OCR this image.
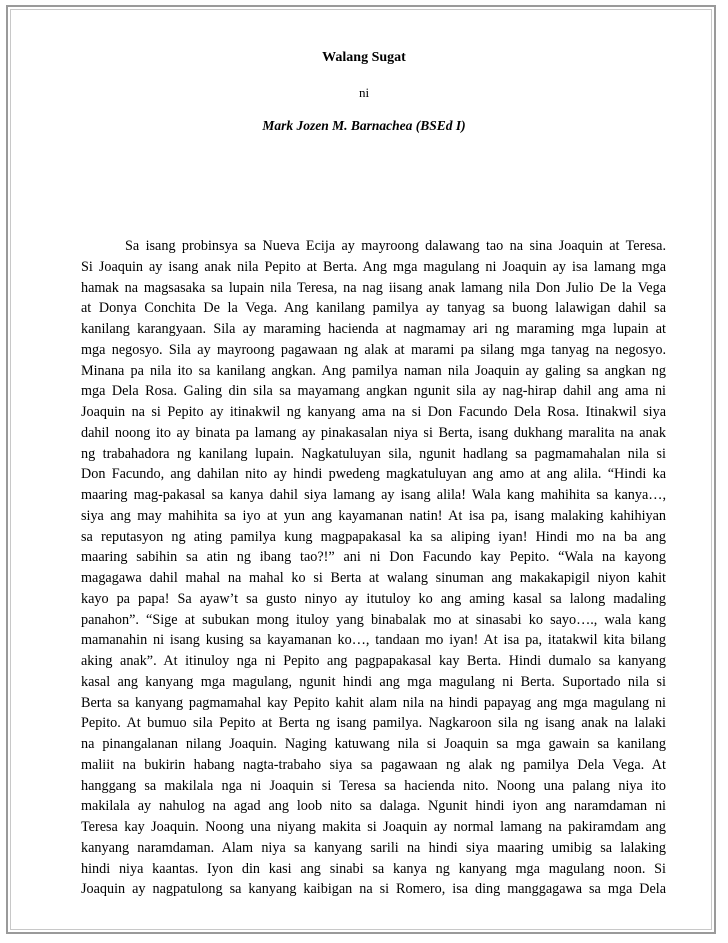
Walang Sugat
ni
Mark Jozen M. Barnachea (BSEd I)
Sa isang probinsya sa Nueva Ecija ay mayroong dalawang tao na sina Joaquin at Teresa.
Si Joaquin ay isang anak nila Pepito at Berta. Ang mga magulang ni Joaquin ay isa lamang mga
hamak na magsasaka sa lupain nila Teresa, na nag iisang anak lamang nila Don Julio De la Vega
at Donya Conchita De la Vega. Ang kanilang pamilya ay tanyag sa buong lalawigan dahil sa
kanilang karangyaan. Sila ay maraming hacienda at nagmamay ari ng maraming mga lupain at
mga negosyo. Sila ay mayroong pagawaan ng alak at marami pa silang mga tanyag na negosyo.
Minana pa nila ito sa kanilang angkan. Ang pamilya naman nila Joaquin ay galing sa angkan ng
mga Dela Rosa. Galing din sila sa mayamang angkan ngunit sila ay nag-hirap dahil ang ama ni
Joaquin na si Pepito ay itinakwil ng kanyang ama na si Don Facundo Dela Rosa. Itinakwil siya
dahil noong ito ay binata pa lamang ay pinakasalan niya si Berta, isang dukhang maralita na anak
ng trabahadora ng kanilang lupain. Nagkatuluyan sila, ngunit hadlang sa pagmamahalan nila si
Don Facundo, ang dahilan nito ay hindi pwedeng magkatuluyan ang amo at ang alila. “Hindi ka
maaring mag-pakasal sa kanya dahil siya lamang ay isang alila! Wala kang mahihita sa kanya…,
siya ang may mahihita sa iyo at yun ang kayamanan natin! At isa pa, isang malaking kahihiyan
sa reputasyon ng ating pamilya kung magpapakasal ka sa aliping iyan! Hindi mo na ba ang
maaring sabihin sa atin ng ibang tao?!” ani ni Don Facundo kay Pepito. “Wala na kayong
magagawa dahil mahal na mahal ko si Berta at walang sinuman ang makakapigil niyon kahit
kayo pa papa! Sa ayaw’t sa gusto ninyo ay itutuloy ko ang aming kasal sa lalong madaling
panahon”. “Sige at subukan mong ituloy yang binabalak mo at sinasabi ko sayo…., wala kang
mamanahin ni isang kusing sa kayamanan ko…, tandaan mo iyan! At isa pa, itatakwil kita bilang
aking anak”. At itinuloy nga ni Pepito ang pagpapakasal kay Berta. Hindi dumalo sa kanyang
kasal ang kanyang mga magulang, ngunit hindi ang mga magulang ni Berta. Suportado nila si
Berta sa kanyang pagmamahal kay Pepito kahit alam nila na hindi papayag ang mga magulang ni
Pepito. At bumuo sila Pepito at Berta ng isang pamilya. Nagkaroon sila ng isang anak na lalaki
na pinangalanan nilang Joaquin. Naging katuwang nila si Joaquin sa mga gawain sa kanilang
maliit na bukirin habang nagta-trabaho siya sa pagawaan ng alak ng pamilya Dela Vega. At
hanggang sa makilala nga ni Joaquin si Teresa sa hacienda nito. Noong una palang niya ito
makilala ay nahulog na agad ang loob nito sa dalaga. Ngunit hindi iyon ang naramdaman ni
Teresa kay Joaquin. Noong una niyang makita si Joaquin ay normal lamang na pakiramdam ang
kanyang naramdaman. Alam niya sa kanyang sarili na hindi siya maaring umibig sa lalaking
hindi niya kaantas. Iyon din kasi ang sinabi sa kanya ng kanyang mga magulang noon. Si
Joaquin ay nagpatulong sa kanyang kaibigan na si Romero, isa ding manggagawa sa mga Dela
